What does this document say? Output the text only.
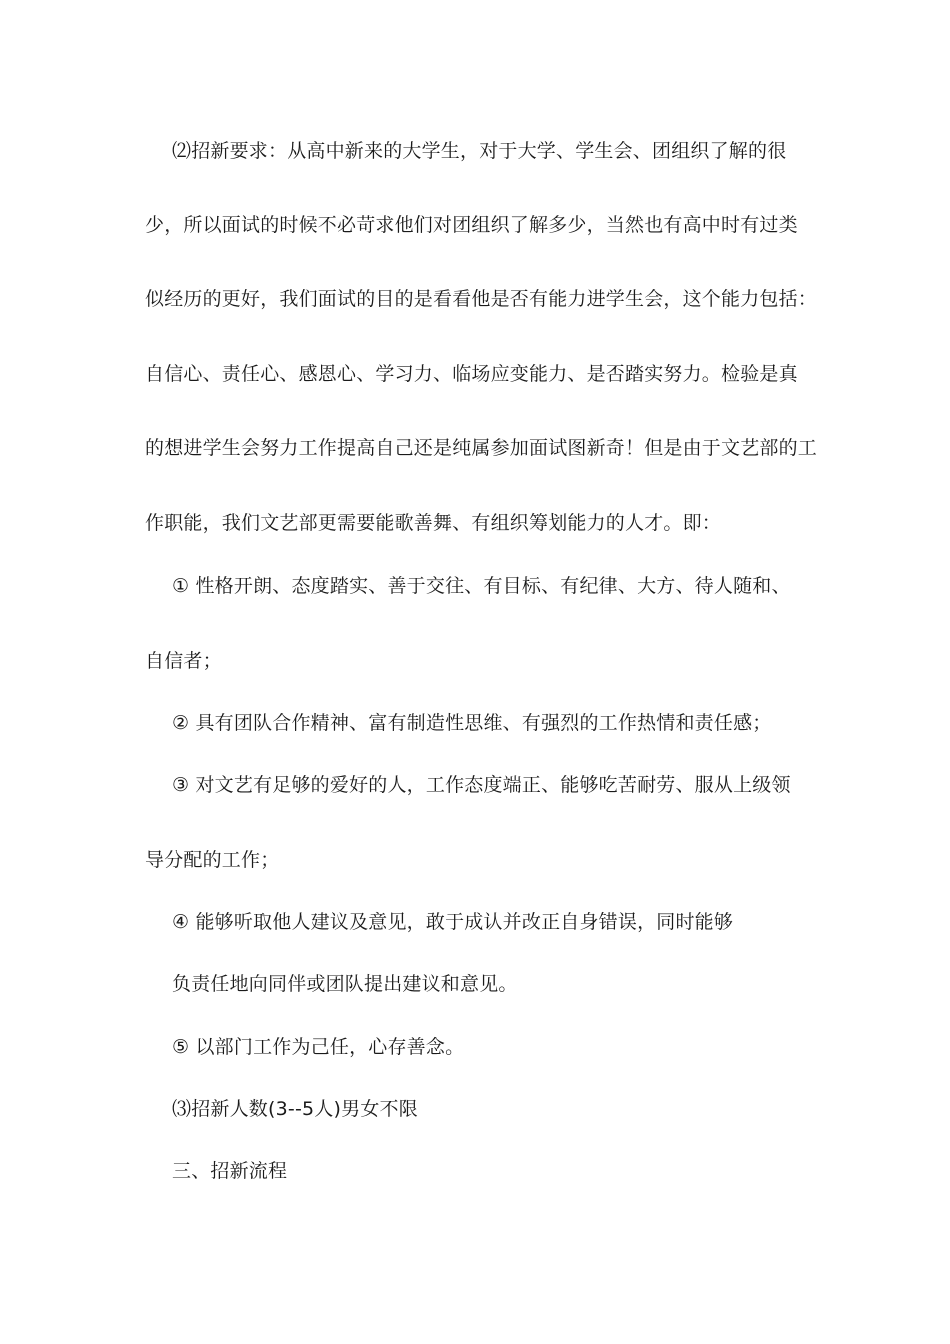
⑵招新要求：从高中新来的大学生，对于大学、学生会、团组织了解的很
少，所以面试的时候不必苛求他们对团组织了解多少，当然也有高中时有过类
似经历的更好，我们面试的目的是看看他是否有能力进学生会，这个能力包括：
自信心、责任心、感恩心、学习力、临场应变能力、是否踏实努力。检验是真
的想进学生会努力工作提高自己还是纯属参加面试图新奇！但是由于文艺部的工
作职能，我们文艺部更需要能歌善舞、有组织筹划能力的人才。即：
① 性格开朗、态度踏实、善于交往、有目标、有纪律、大方、待人随和、
自信者；
② 具有团队合作精神、富有制造性思维、有强烈的工作热情和责任感；
③ 对文艺有足够的爱好的人，工作态度端正、能够吃苦耐劳、服从上级领
导分配的工作；
④ 能够听取他人建议及意见，敢于成认并改正自身错误，同时能够
负责任地向同伴或团队提出建议和意见。
⑤ 以部门工作为己任，心存善念。
⑶招新人数(3--5人)男女不限
三、招新流程
